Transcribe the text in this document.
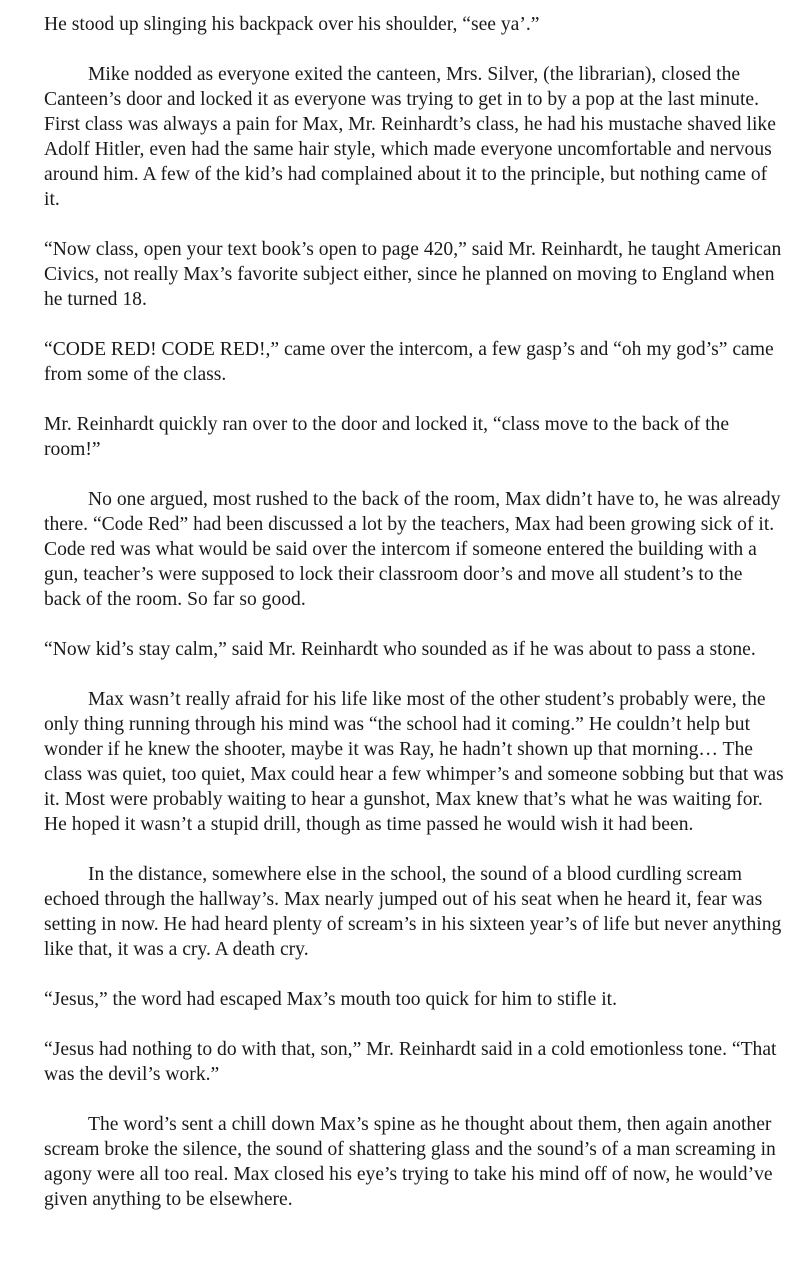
He stood up slinging his backpack over his shoulder, “see ya’.”

Mike nodded as everyone exited the canteen, Mrs. Silver, (the librarian), closed the Canteen’s door and locked it as everyone was trying to get in to by a pop at the last minute. First class was always a pain for Max, Mr. Reinhardt’s class, he had his mustache shaved like Adolf Hitler, even had the same hair style, which made everyone uncomfortable and nervous around him. A few of the kid’s had complained about it to the principle, but nothing came of it.

“Now class, open your text book’s open to page 420,” said Mr. Reinhardt, he taught American Civics, not really Max’s favorite subject either, since he planned on moving to England when he turned 18.

“CODE RED! CODE RED!,” came over the intercom, a few gasp’s and “oh my god’s” came from some of the class.

Mr. Reinhardt quickly ran over to the door and locked it, “class move to the back of the room!”

No one argued, most rushed to the back of the room, Max didn’t have to, he was already there. “Code Red” had been discussed a lot by the teachers, Max had been growing sick of it. Code red was what would be said over the intercom if someone entered the building with a gun, teacher’s were supposed to lock their classroom door’s and move all student’s to the back of the room. So far so good.

“Now kid’s stay calm,” said Mr. Reinhardt who sounded as if he was about to pass a stone.

Max wasn’t really afraid for his life like most of the other student’s probably were, the only thing running through his mind was “the school had it coming.” He couldn’t help but wonder if he knew the shooter, maybe it was Ray, he hadn’t shown up that morning… The class was quiet, too quiet, Max could hear a few whimper’s and someone sobbing but that was it. Most were probably waiting to hear a gunshot, Max knew that’s what he was waiting for. He hoped it wasn’t a stupid drill, though as time passed he would wish it had been.

In the distance, somewhere else in the school, the sound of a blood curdling scream echoed through the hallway’s. Max nearly jumped out of his seat when he heard it, fear was setting in now. He had heard plenty of scream’s in his sixteen year’s of life but never anything like that, it was a cry. A death cry.

“Jesus,” the word had escaped Max’s mouth too quick for him to stifle it.

“Jesus had nothing to do with that, son,” Mr. Reinhardt said in a cold emotionless tone. “That was the devil’s work.”

The word’s sent a chill down Max’s spine as he thought about them, then again another scream broke the silence, the sound of shattering glass and the sound’s of a man screaming in agony were all too real. Max closed his eye’s trying to take his mind off of now, he would’ve given anything to be elsewhere.
